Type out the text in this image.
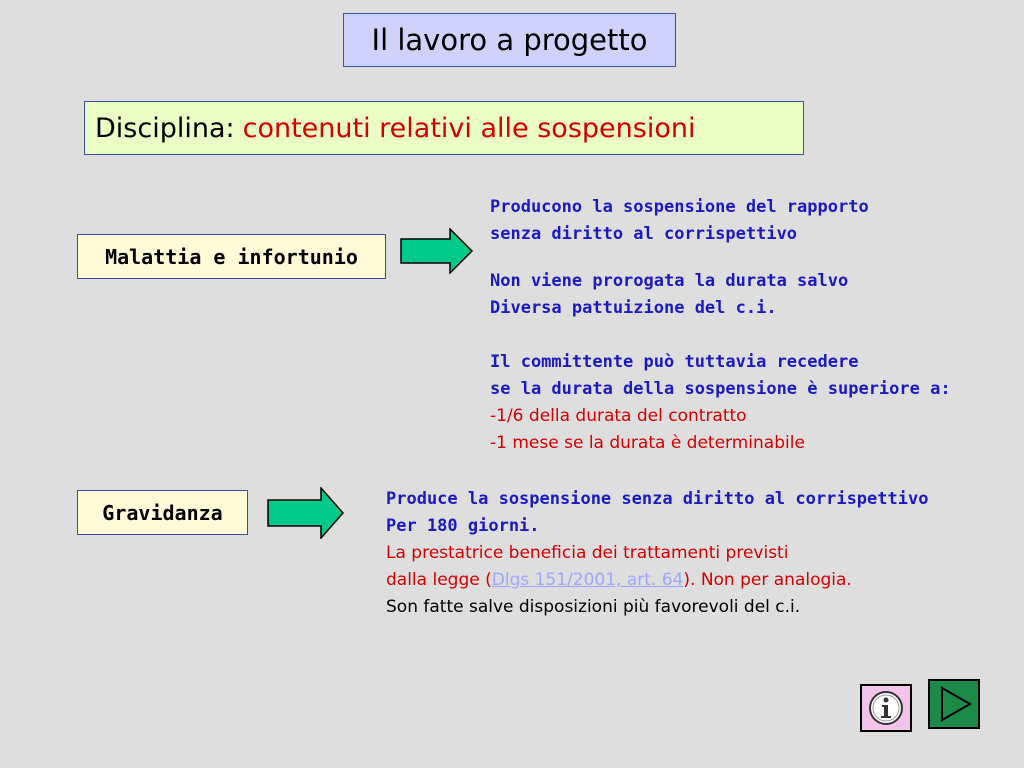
Il lavoro a progetto
Disciplina: contenuti relativi alle sospensioni
Malattia e infortunio
Producono la sospensione del rapporto
senza diritto al corrispettivo
Non viene prorogata la durata salvo
Diversa pattuizione del c.i.
Il committente può tuttavia recedere
se la durata della sospensione è superiore a:
-1/6 della durata del contratto
-1 mese se la durata è determinabile
Gravidanza
Produce la sospensione senza diritto al corrispettivo
Per 180 giorni.
La prestatrice beneficia dei trattamenti previsti
dalla legge (Dlgs 151/2001, art. 64). Non per analogia.
Son fatte salve disposizioni più favorevoli del c.i.
